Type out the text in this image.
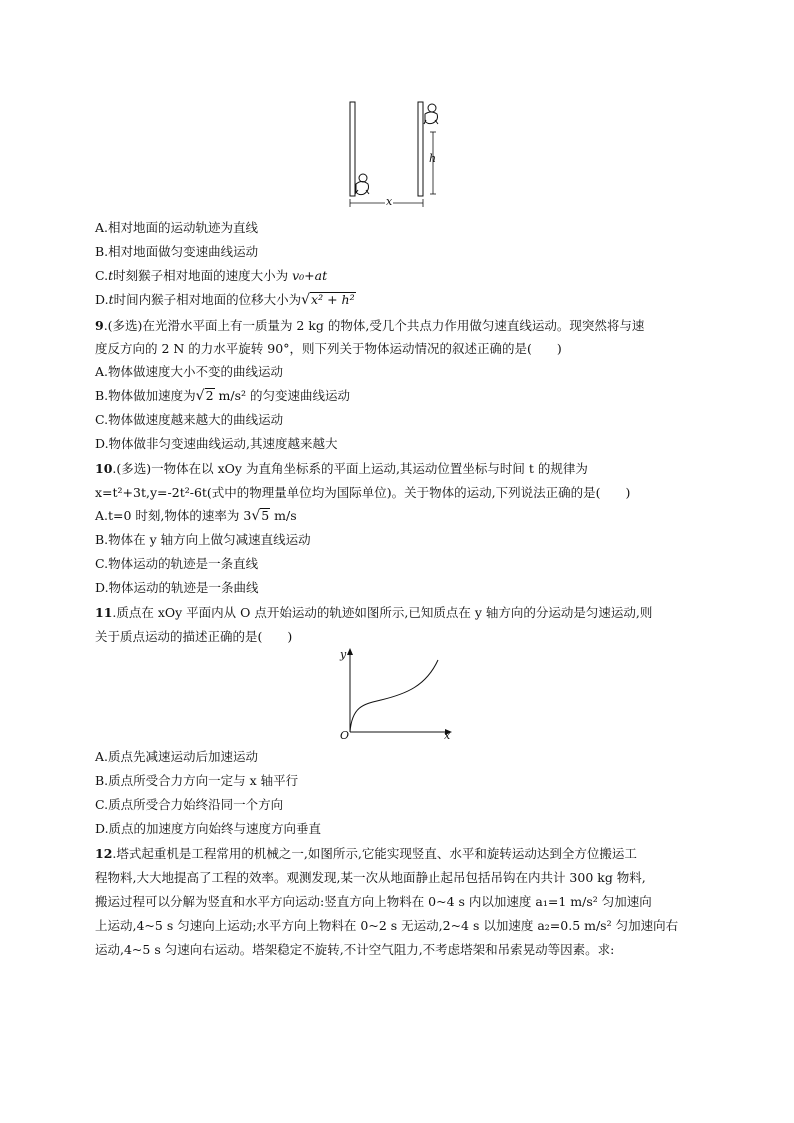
h
x
A.相对地面的运动轨迹为直线
B.相对地面做匀变速曲线运动
C.t时刻猴子相对地面的速度大小为 v₀+at
D.t时间内猴子相对地面的位移大小为√x² + h²
9.(多选)在光滑水平面上有一质量为 2 kg 的物体,受几个共点力作用做匀速直线运动。现突然将与速
度反方向的 2 N 的力水平旋转 90°，则下列关于物体运动情况的叙述正确的是(　　)
A.物体做速度大小不变的曲线运动
B.物体做加速度为√2 m/s² 的匀变速曲线运动
C.物体做速度越来越大的曲线运动
D.物体做非匀变速曲线运动,其速度越来越大
10.(多选)一物体在以 xOy 为直角坐标系的平面上运动,其运动位置坐标与时间 t 的规律为
x=t²+3t,y=-2t²-6t(式中的物理量单位均为国际单位)。关于物体的运动,下列说法正确的是(　　)
A.t=0 时刻,物体的速率为 3√5 m/s
B.物体在 y 轴方向上做匀减速直线运动
C.物体运动的轨迹是一条直线
D.物体运动的轨迹是一条曲线
11.质点在 xOy 平面内从 O 点开始运动的轨迹如图所示,已知质点在 y 轴方向的分运动是匀速运动,则
关于质点运动的描述正确的是(　　)
y
x
O
A.质点先减速运动后加速运动
B.质点所受合力方向一定与 x 轴平行
C.质点所受合力始终沿同一个方向
D.质点的加速度方向始终与速度方向垂直
12.塔式起重机是工程常用的机械之一,如图所示,它能实现竖直、水平和旋转运动达到全方位搬运工
程物料,大大地提高了工程的效率。观测发现,某一次从地面静止起吊包括吊钩在内共计 300 kg 物料,
搬运过程可以分解为竖直和水平方向运动:竖直方向上物料在 0~4 s 内以加速度 a₁=1 m/s² 匀加速向
上运动,4~5 s 匀速向上运动;水平方向上物料在 0~2 s 无运动,2~4 s 以加速度 a₂=0.5 m/s² 匀加速向右
运动,4~5 s 匀速向右运动。塔架稳定不旋转,不计空气阻力,不考虑塔架和吊索晃动等因素。求:
